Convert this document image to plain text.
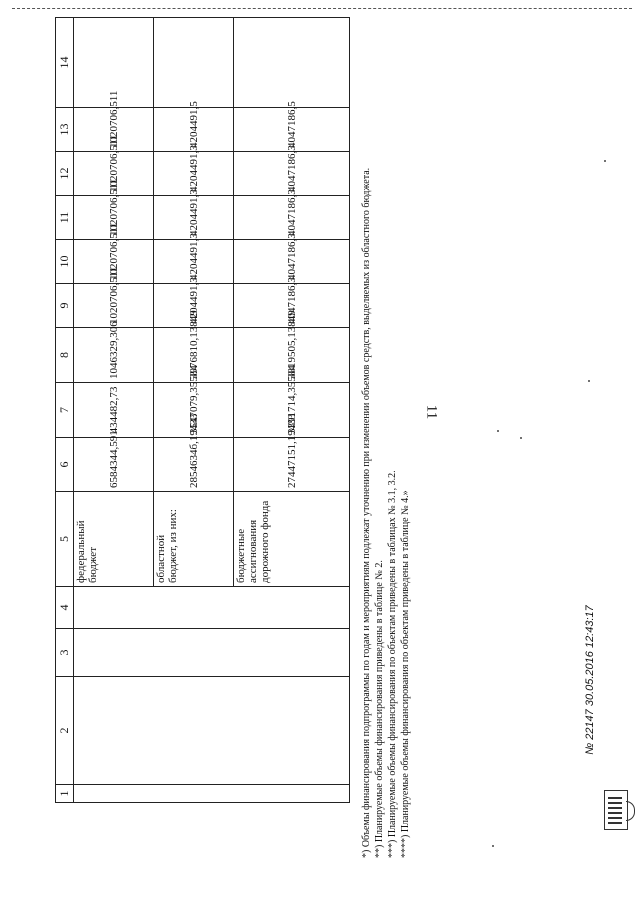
11
1	2	3	4	5	6	7	8	9	10	11	12	13	14
				федеральный бюджет	6584344,591	434482,73	1046329,306	1020706,511	1020706,511	1020706,511	1020706,511	1020706,511	
				областной бюджет, из них:	2854634б,19433	3547079,35584	3976810,13849	4204491,3	4204491,3	4204491,3	4204491,3	4204491,5	
				бюджетные ассигнования дорожного фонда	27447151,19433	3391714,35584	3819505,13849	4047186,3	4047186,3	4047186,3	4047186,3	4047186,5	
*) Объемы финансирования подпрограммы по годам и мероприятиям подлежат уточнению при изменении объемов средств, выделяемых из областного бюджета. **) Планируемые объемы финансирования приведены в таблице № 2. ***) Планируемые объемы финансирования по объектам приведены в таблицах № 3.1, 3.2. ****) Планируемые объемы финансирования по объектам приведены в таблице № 4.»	№ 22147 30.05.2016 12:43:17
